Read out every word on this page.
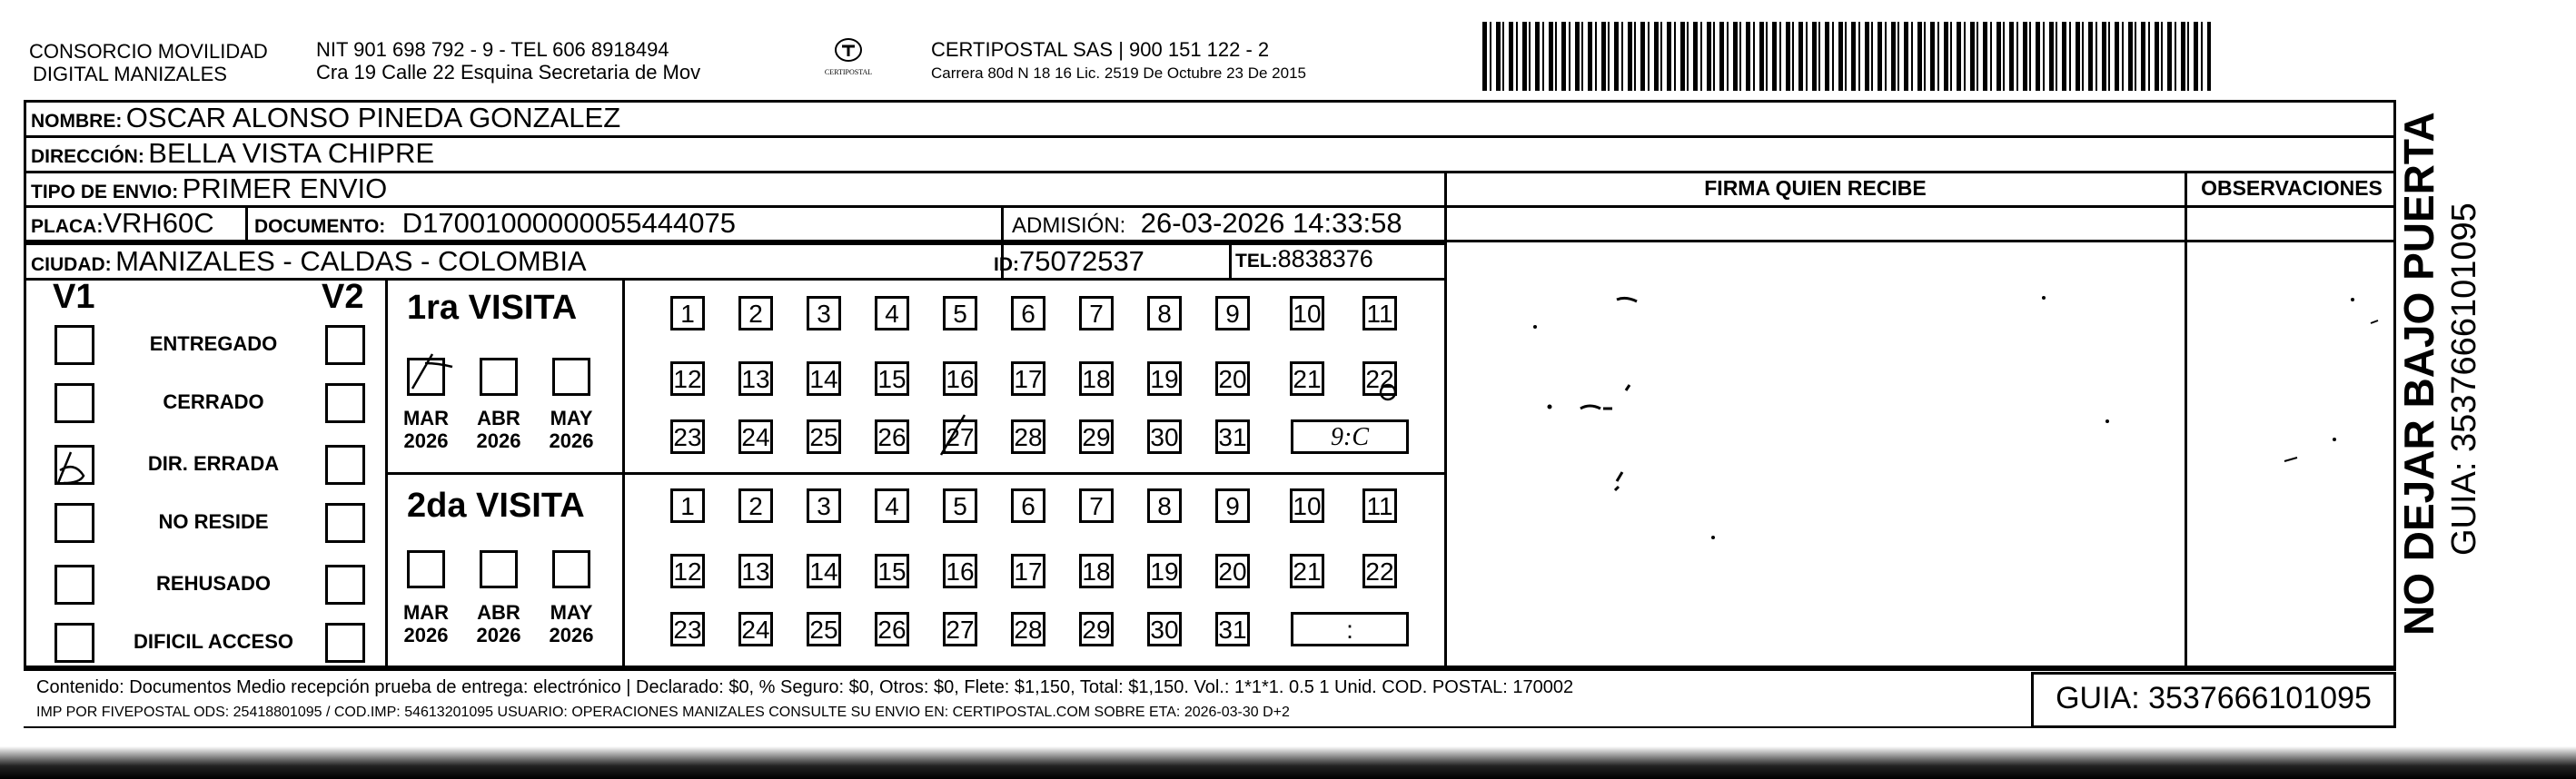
CONSORCIO MOVILIDAD
DIGITAL MANIZALES
NIT 901 698 792 - 9 - TEL 606 8918494
Cra 19 Calle 22 Esquina Secretaria de Mov	CERTIPOSTAL
CERTIPOSTAL SAS | 900 151 122 - 2
Carrera 80d N 18 16 Lic. 2519 De Octubre 23 De 2015
NOMBRE: OSCAR ALONSO PINEDA GONZALEZ
DIRECCIÓN: BELLA VISTA CHIPRE
TIPO DE ENVIO: PRIMER ENVIO
PLACA:VRH60C DOCUMENTO: D17001000000055444075	ADMISIÓN: 26-03-2026 14:33:58
CIUDAD: MANIZALES - CALDAS - COLOMBIA	ID:75072537	TEL:8838376
FIRMA QUIEN RECIBE	OBSERVACIONES
V1	V2
ENTREGADO
CERRADO
DIR. ERRADA
NO RESIDE
REHUSADO
DIFICIL ACCESO
1ra VISITA
2da VISITA
MAR
2026
ABR
2026
MAY
2026
MAR
2026
ABR
2026
MAY
2026
1	2	3	4	5	6	7	8	9	10 11
12 13 14 15 16 17 18 19 20 21 22
23 24 25 26 27 28 29 30 31
1	2	3	4	5	6	7	8	9	10 11
12 13 14 15 16 17 18 19 20 21 22
23 24 25 26 27 28 29 30 31
9:C
:
Contenido: Documentos Medio recepción prueba de entrega: electrónico | Declarado: $0, % Seguro: $0, Otros: $0, Flete: $1,150, Total: $1,150. Vol.: 1*1*1. 0.5 1 Unid. COD. POSTAL: 170002
IMP POR FIVEPOSTAL ODS: 25418801095 / COD.IMP: 54613201095 USUARIO: OPERACIONES MANIZALES CONSULTE SU ENVIO EN: CERTIPOSTAL.COM SOBRE ETA: 2026-03-30 D+2	GUIA: 3537666101095
NO DEJAR BAJO PUERTA GUIA: 3537666101095
